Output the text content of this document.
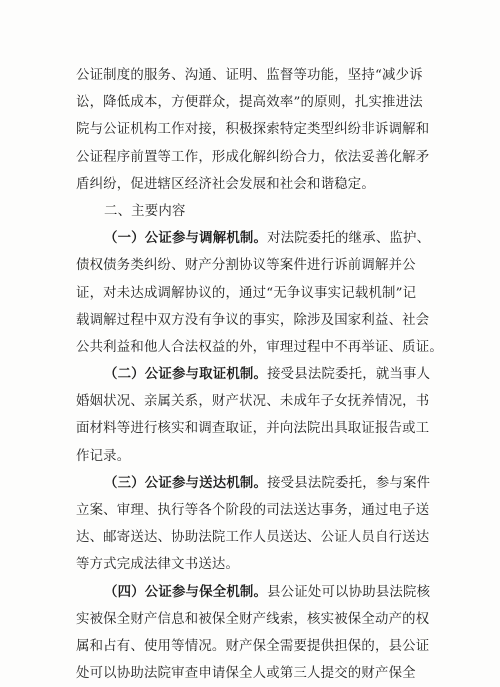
公证制度的服务、沟通、证明、监督等功能，坚持“减少诉
讼，降低成本，方便群众，提高效率”的原则，扎实推进法
院与公证机构工作对接，积极探索特定类型纠纷非诉调解和
公证程序前置等工作，形成化解纠纷合力，依法妥善化解矛
盾纠纷，促进辖区经济社会发展和社会和谐稳定。
二、主要内容
（一）公证参与调解机制。对法院委托的继承、监护、
债权债务类纠纷、财产分割协议等案件进行诉前调解并公
证，对未达成调解协议的，通过“无争议事实记载机制”记
载调解过程中双方没有争议的事实，除涉及国家利益、社会
公共利益和他人合法权益的外，审理过程中不再举证、质证。
（二）公证参与取证机制。接受县法院委托，就当事人
婚姻状况、亲属关系，财产状况、未成年子女抚养情况，书
面材料等进行核实和调查取证，并向法院出具取证报告或工
作记录。
（三）公证参与送达机制。接受县法院委托，参与案件
立案、审理、执行等各个阶段的司法送达事务，通过电子送
达、邮寄送达、协助法院工作人员送达、公证人员自行送达
等方式完成法律文书送达。
（四）公证参与保全机制。县公证处可以协助县法院核
实被保全财产信息和被保全财产线索，核实被保全动产的权
属和占有、使用等情况。财产保全需要提供担保的，县公证
处可以协助法院审查申请保全人或第三人提交的财产保全
